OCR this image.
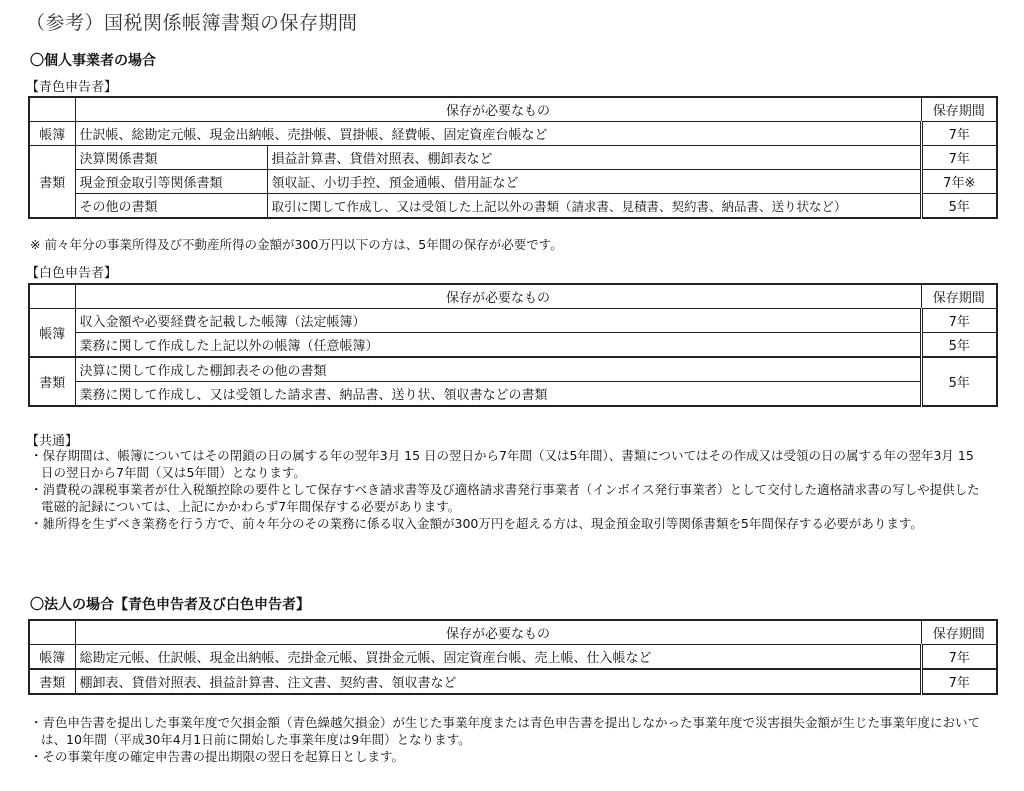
（参考）国税関係帳簿書類の保存期間
〇個人事業者の場合
【青色申告者】
	保存が必要なもの		保存期間
帳簿	仕訳帳、総勘定元帳、現金出納帳、売掛帳、買掛帳、経費帳、固定資産台帳など		7年
書類	決算関係書類	損益計算書、貸借対照表、棚卸表など	7年
	現金預金取引等関係書類	領収証、小切手控、預金通帳、借用証など	7年※
	その他の書類	取引に関して作成し、又は受領した上記以外の書類（請求書、見積書、契約書、納品書、送り状など）	5年
※ 前々年分の事業所得及び不動産所得の金額が300万円以下の方は、5年間の保存が必要です。
【白色申告者】
	保存が必要なもの	保存期間
帳簿	収入金額や必要経費を記載した帳簿（法定帳簿）	7年
	業務に関して作成した上記以外の帳簿（任意帳簿）	5年
書類	決算に関して作成した棚卸表その他の書類	5年
	業務に関して作成し、又は受領した請求書、納品書、送り状、領収書などの書類	
【共通】
・保存期間は、帳簿についてはその閉鎖の日の属する年の翌年3月 15 日の翌日から7年間（又は5年間）、書類についてはその作成又は受領の日の属する年の翌年3月 15 日の翌日から7年間（又は5年間）となります。
・消費税の課税事業者が仕入税額控除の要件として保存すべき請求書等及び適格請求書発行事業者（インボイス発行事業者）として交付した適格請求書の写しや提供した電磁的記録については、上記にかかわらず7年間保存する必要があります。
・雑所得を生ずべき業務を行う方で、前々年分のその業務に係る収入金額が300万円を超える方は、現金預金取引等関係書類を5年間保存する必要があります。
〇法人の場合【青色申告者及び白色申告者】
	保存が必要なもの	保存期間
帳簿	総勘定元帳、仕訳帳、現金出納帳、売掛金元帳、買掛金元帳、固定資産台帳、売上帳、仕入帳など	7年
書類	棚卸表、貸借対照表、損益計算書、注文書、契約書、領収書など	7年
・青色申告書を提出した事業年度で欠損金額（青色繰越欠損金）が生じた事業年度または青色申告書を提出しなかった事業年度で災害損失金額が生じた事業年度においては、10年間（平成30年4月1日前に開始した事業年度は9年間）となります。
・その事業年度の確定申告書の提出期限の翌日を起算日とします。
